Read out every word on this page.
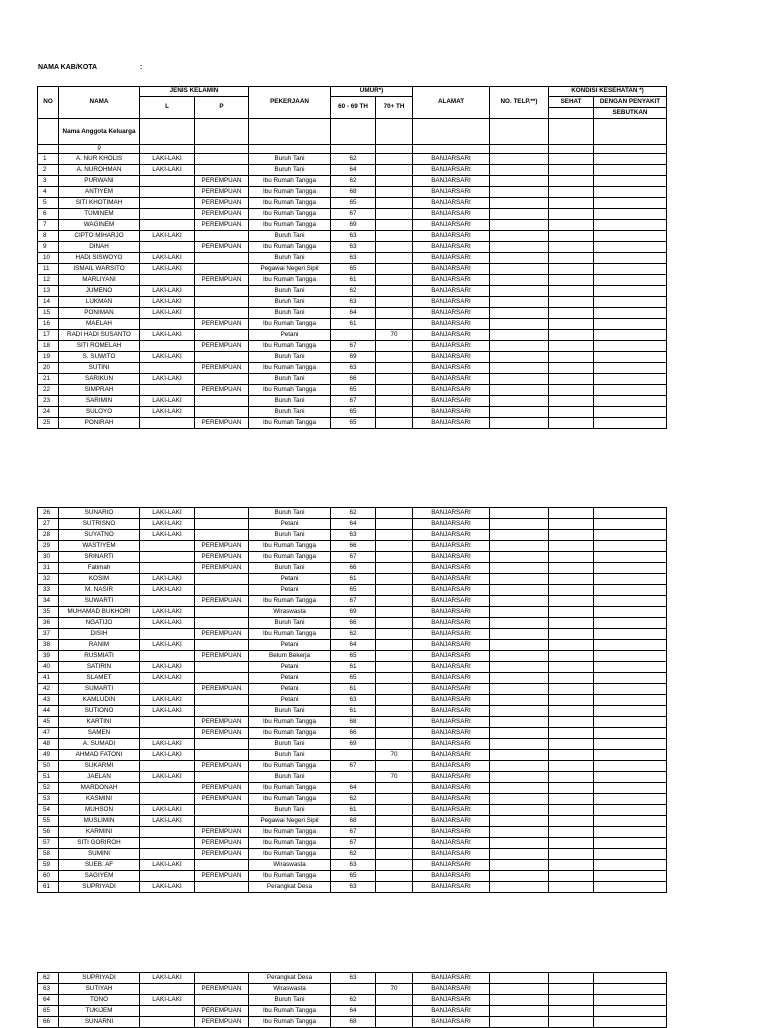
NAMA KAB/KOTA	:
NO	NAMA	JENIS KELAMIN		PEKERJAAN	UMUR*)		ALAMAT	NO. TELP.**)	KONDISI KESEHATAN *)	
		L	P		60 - 69 TH	70+ TH			SEHAT	DENGAN PENYAKIT
										SEBUTKAN
	Nama Anggota Keluarga									
	9									
1	A. NUR KHOLIS	LAKI-LAKI		Buruh Tani	62		BANJARSARI			
2	A. NUROHMAN	LAKI-LAKI		Buruh Tani	64		BANJARSARI			
3	PURWANI		PEREMPUAN	Ibu Rumah Tangga	62		BANJARSARI			
4	ANTIYEM		PEREMPUAN	Ibu Rumah Tangga	68		BANJARSARI			
5	SITI KHOTIMAH		PEREMPUAN	Ibu Rumah Tangga	65		BANJARSARI			
6	TUMINEM		PEREMPUAN	Ibu Rumah Tangga	67		BANJARSARI			
7	WAGINEM		PEREMPUAN	Ibu Rumah Tangga	69		BANJARSARI			
8	CIPTO MIHARJO	LAKI-LAKI		Buruh Tani	63		BANJARSARI			
9	DINAH		PEREMPUAN	Ibu Rumah Tangga	63		BANJARSARI			
10	HADI SISWOYO	LAKI-LAKI		Buruh Tani	63		BANJARSARI			
11	ISMAIL WARSITO	LAKI-LAKI		Pegawai Negeri Sipil	65		BANJARSARI			
12	MARLIYANI		PEREMPUAN	Ibu Rumah Tangga	61		BANJARSARI			
13	JUMENO	LAKI-LAKI		Buruh Tani	62		BANJARSARI			
14	LUKMAN	LAKI-LAKI		Buruh Tani	63		BANJARSARI			
15	PONIMAN	LAKI-LAKI		Buruh Tani	64		BANJARSARI			
16	MAELAH		PEREMPUAN	Ibu Rumah Tangga	61		BANJARSARI			
17	RADI HADI SUSANTO	LAKI-LAKI		Petani		70	BANJARSARI			
18	SITI ROMELAH		PEREMPUAN	Ibu Rumah Tangga	67		BANJARSARI			
19	S. SUWITO	LAKI-LAKI		Buruh Tani	69		BANJARSARI			
20	SUTINI		PEREMPUAN	Ibu Rumah Tangga	63		BANJARSARI			
21	SARIKUN	LAKI-LAKI		Buruh Tani	66		BANJARSARI			
22	SIMPRAH		PEREMPUAN	Ibu Rumah Tangga	65		BANJARSARI			
23	SARIMIN	LAKI-LAKI		Buruh Tani	67		BANJARSARI			
24	SULOYO	LAKI-LAKI		Buruh Tani	65		BANJARSARI			
25	PONIRAH		PEREMPUAN	Ibu Rumah Tangga	65		BANJARSARI			
26	SUNARIO	LAKI-LAKI		Buruh Tani	62		BANJARSARI			
27	SUTRISNO	LAKI-LAKI		Petani	64		BANJARSARI			
28	SUYATNO	LAKI-LAKI		Buruh Tani	63		BANJARSARI			
29	WASTIYEM		PEREMPUAN	Ibu Rumah Tangga	66		BANJARSARI			
30	SRINARTI		PEREMPUAN	Ibu Rumah Tangga	67		BANJARSARI			
31	Fatimah		PEREMPUAN	Buruh Tani	66		BANJARSARI			
32	KOSIM	LAKI-LAKI		Petani	61		BANJARSARI			
33	M. NASIR	LAKI-LAKI		Petani	65		BANJARSARI			
34	SUWARTI		PEREMPUAN	Ibu Rumah Tangga	67		BANJARSARI			
35	MUHAMAD BUKHORI	LAKI-LAKI		Wiraswasta	69		BANJARSARI			
36	NGATIJO	LAKI-LAKI		Buruh Tani	66		BANJARSARI			
37	DISIH		PEREMPUAN	Ibu Rumah Tangga	62		BANJARSARI			
38	RANIM	LAKI-LAKI		Petani	64		BANJARSARI			
39	RUSMIATI		PEREMPUAN	Belum Bekerja	65		BANJARSARI			
40	SATIRIN	LAKI-LAKI		Petani	61		BANJARSARI			
41	SLAMET	LAKI-LAKI		Petani	65		BANJARSARI			
42	SUMARTI		PEREMPUAN	Petani	61		BANJARSARI			
43	KAMLUDIN	LAKI-LAKI		Petani	63		BANJARSARI			
44	SUTIONO	LAKI-LAKI		Buruh Tani	61		BANJARSARI			
45	KARTINI		PEREMPUAN	Ibu Rumah Tangga	68		BANJARSARI			
47	SAMEN		PEREMPUAN	Ibu Rumah Tangga	66		BANJARSARI			
48	A. SUMADI	LAKI-LAKI		Buruh Tani	69		BANJARSARI			
49	AHMAD FATONI	LAKI-LAKI		Buruh Tani		70	BANJARSARI			
50	SUKARMI		PEREMPUAN	Ibu Rumah Tangga	67		BANJARSARI			
51	JAELAN	LAKI-LAKI		Buruh Tani		70	BANJARSARI			
52	MARDONAH		PEREMPUAN	Ibu Rumah Tangga	64		BANJARSARI			
53	KASMINI		PEREMPUAN	Ibu Rumah Tangga	62		BANJARSARI			
54	MUHSON	LAKI-LAKI		Buruh Tani	61		BANJARSARI			
55	MUSLIMIN	LAKI-LAKI		Pegawai Negeri Sipil	68		BANJARSARI			
56	KARMINI		PEREMPUAN	Ibu Rumah Tangga	67		BANJARSARI			
57	SITI GORIROH		PEREMPUAN	Ibu Rumah Tangga	67		BANJARSARI			
58	SUMINI		PEREMPUAN	Ibu Rumah Tangga	62		BANJARSARI			
59	SUEB. AF	LAKI-LAKI		Wiraswasta	63		BANJARSARI			
60	SAGIYEM		PEREMPUAN	Ibu Rumah Tangga	65		BANJARSARI			
61	SUPRIYADI	LAKI-LAKI		Perangkat Desa	63		BANJARSARI			
62	SUPRIYADI	LAKI-LAKI		Perangkat Desa	63		BANJARSARI			
63	SUTIYAH		PEREMPUAN	Wiraswasta		70	BANJARSARI			
64	TONO	LAKI-LAKI		Buruh Tani	62		BANJARSARI			
65	TUKIJEM		PEREMPUAN	Ibu Rumah Tangga	64		BANJARSARI			
66	SUNARNI		PEREMPUAN	Ibu Rumah Tangga	68		BANJARSARI			
